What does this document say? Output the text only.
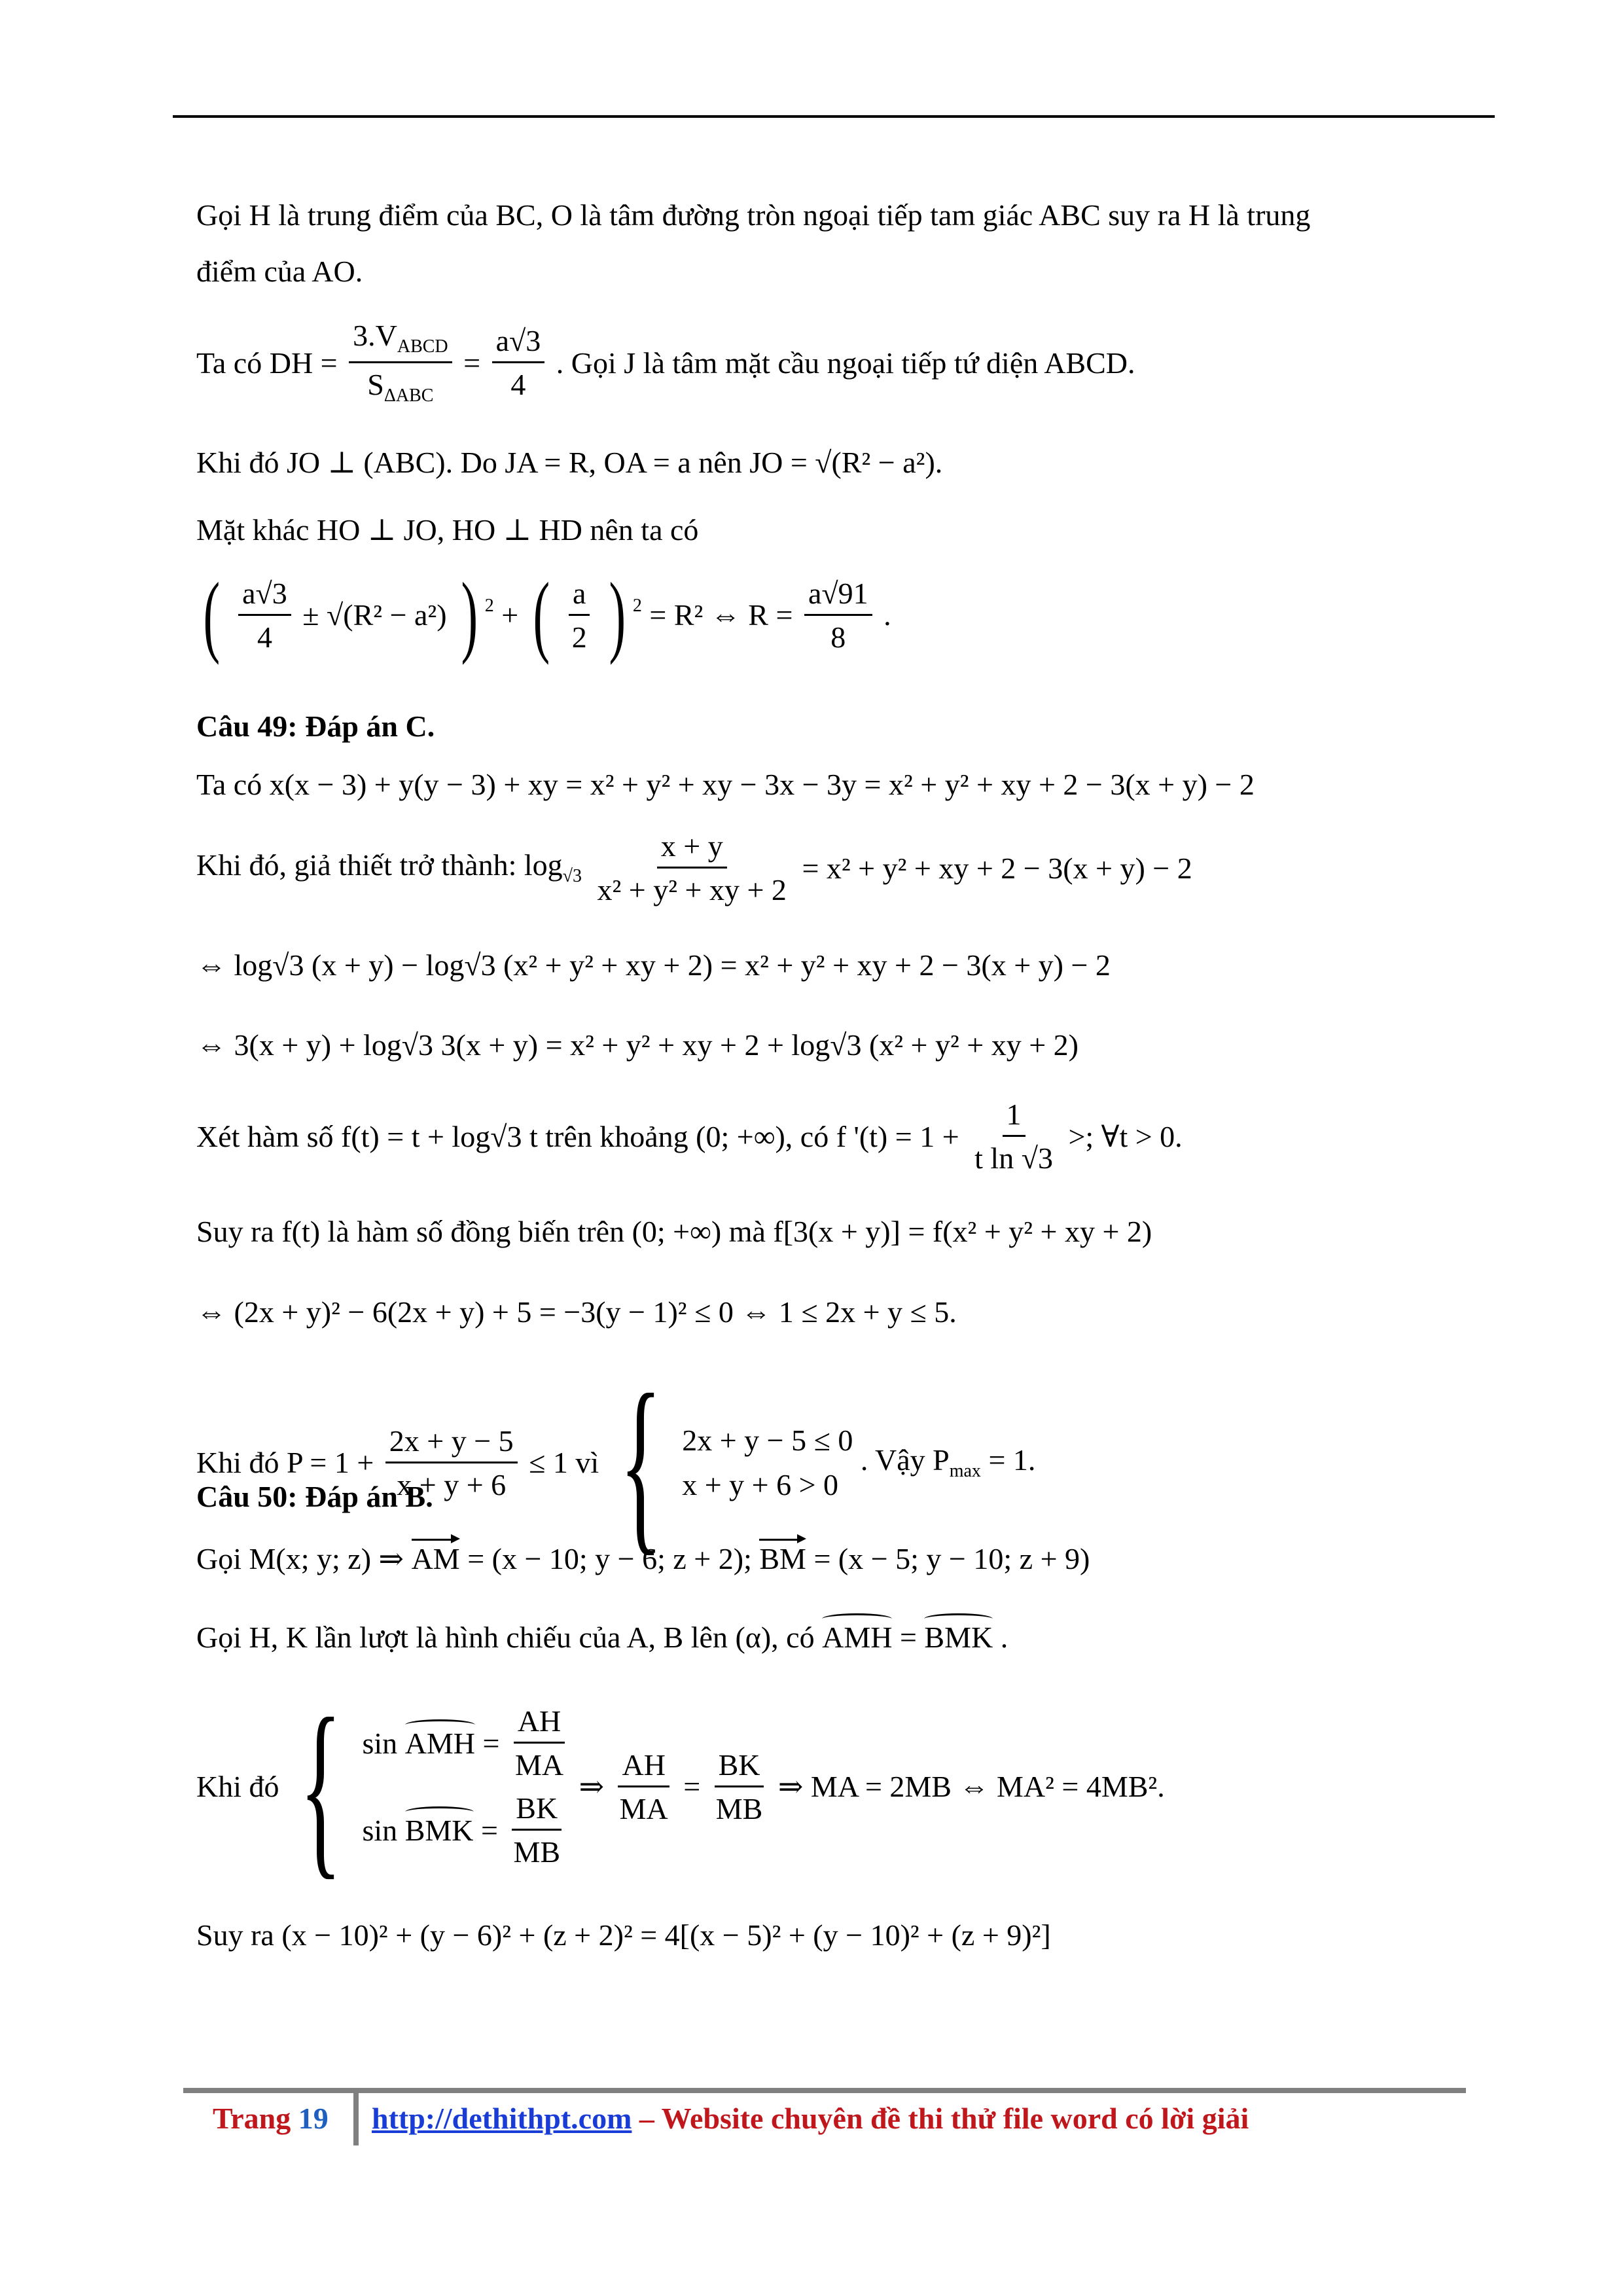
Gọi H là trung điểm của BC, O là tâm đường tròn ngoại tiếp tam giác ABC suy ra H là trung
điểm của AO.
Ta có DH = $\frac{3.V_{ABCD}}{S_{\Delta ABC}} = \frac{a√3}{4}$ . Gọi J là tâm mặt cầu ngoại tiếp tứ diện ABCD.
Khi đó JO ⊥ (ABC). Do JA = R, OA = a nên JO = √(R² − a²).
Mặt khác HO ⊥ JO, HO ⊥ HD nên ta có
( $\frac{a√3}{4} \pm √(R^2 - a^2)$ ) $^2$ + ( $\frac{a}{2}$ ) $^2$ = R² ⇔ $R = \frac{a√91}{8}$ .
Câu 49: Đáp án C.
Ta có x(x − 3) + y(y − 3) + xy = x² + y² + xy − 3x − 3y = x² + y² + xy + 2 − 3(x + y) − 2
Khi đó, giả thiết trở thành: $\log_{√3} \frac{x + y}{\text{x² + y² + xy + 2}} = x^2 + y^2$ + xy + 2 − 3(x + y) − 2
⇔ log√3 (x + y) − log√3 (x² + y² + xy + 2) = x² + y² + xy + 2 − 3(x + y) − 2
⇔ 3(x + y) + log√3 3(x + y) = x² + y² + xy + 2 + log√3 (x² + y² + xy + 2)
Xét hàm số f(t) = t + log√3 t trên khoảng (0; +∞), có f '$(t) = 1 + \frac{1}{\text{t ln √3}}$ >; ∀t > 0.
Suy ra f(t) là hàm số đồng biến trên (0; +∞) mà f[3(x + y)] = f(x² + y² + xy + 2)
⇔ (2x + y)² − 6(2x + y) + 5 = −3(y − 1)² ≤ 0 ⇔ 1 ≤ 2x + y ≤ 5.
Khi đó $P = 1 + \frac{2x + y - 5}{x + y + 6} \le 1$ vì { 2x + y − 5 ≤ 0
x + y + 6 > 0
. Vậy $P_{max} = 1$.
Câu 50: Đáp án B.
Gọi M(x; y; z) ⇒ AM = (x − 10; y − 6; z + 2); BM = (x − 5; y − 10; z + 9)
Gọi H, K lần lượt là hình chiếu của A, B lên (α), có AMH = BMK .
Khi đó { sin AMH = $\frac{AH}{MA}$
sin BMK = $\frac{BK}{MB}$
⇒ $\frac{AH}{MA} = \frac{BK}{MB}$ ⇒ MA = 2MB ⇔ MA² = 4MB².
Suy ra (x − 10)² + (y − 6)² + (z + 2)² = 4[(x − 5)² + (y − 10)² + (z + 9)²]
Trang 19 http://dethithpt.com – Website chuyên đề thi thử file word có lời giải
